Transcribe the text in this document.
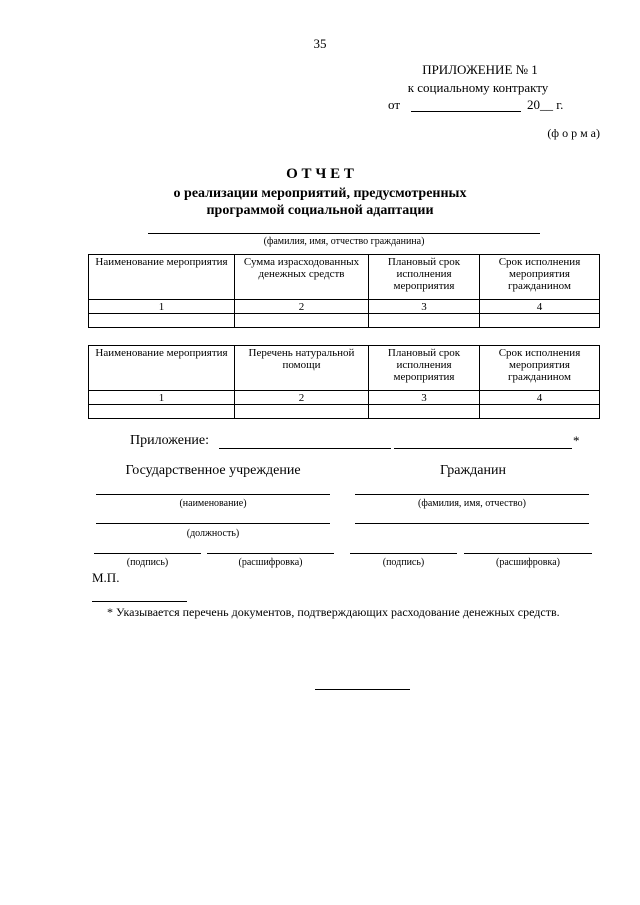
35
ПРИЛОЖЕНИЕ № 1
к социальному контракту
от	20__ г.
(ф о р м а)
О Т Ч Е Т
о реализации мероприятий, предусмотренных
программой социальной адаптации
(фамилия, имя, отчество гражданина)
Наименование мероприятия	Сумма израсходованных денежных средств	Плановый срок исполнения мероприятия	Срок исполнения мероприятия гражданином
1	2	3	4

Наименование мероприятия	Перечень натуральной помощи	Плановый срок исполнения мероприятия	Срок исполнения мероприятия гражданином
1	2	3	4

Приложение:	*
Государственное учреждение	Гражданин
(наименование)	(фамилия, имя, отчество)
(должность)
(подпись)	(расшифровка)	(подпись)	(расшифровка)
М.П.
* Указывается перечень документов, подтверждающих расходование денежных средств.
